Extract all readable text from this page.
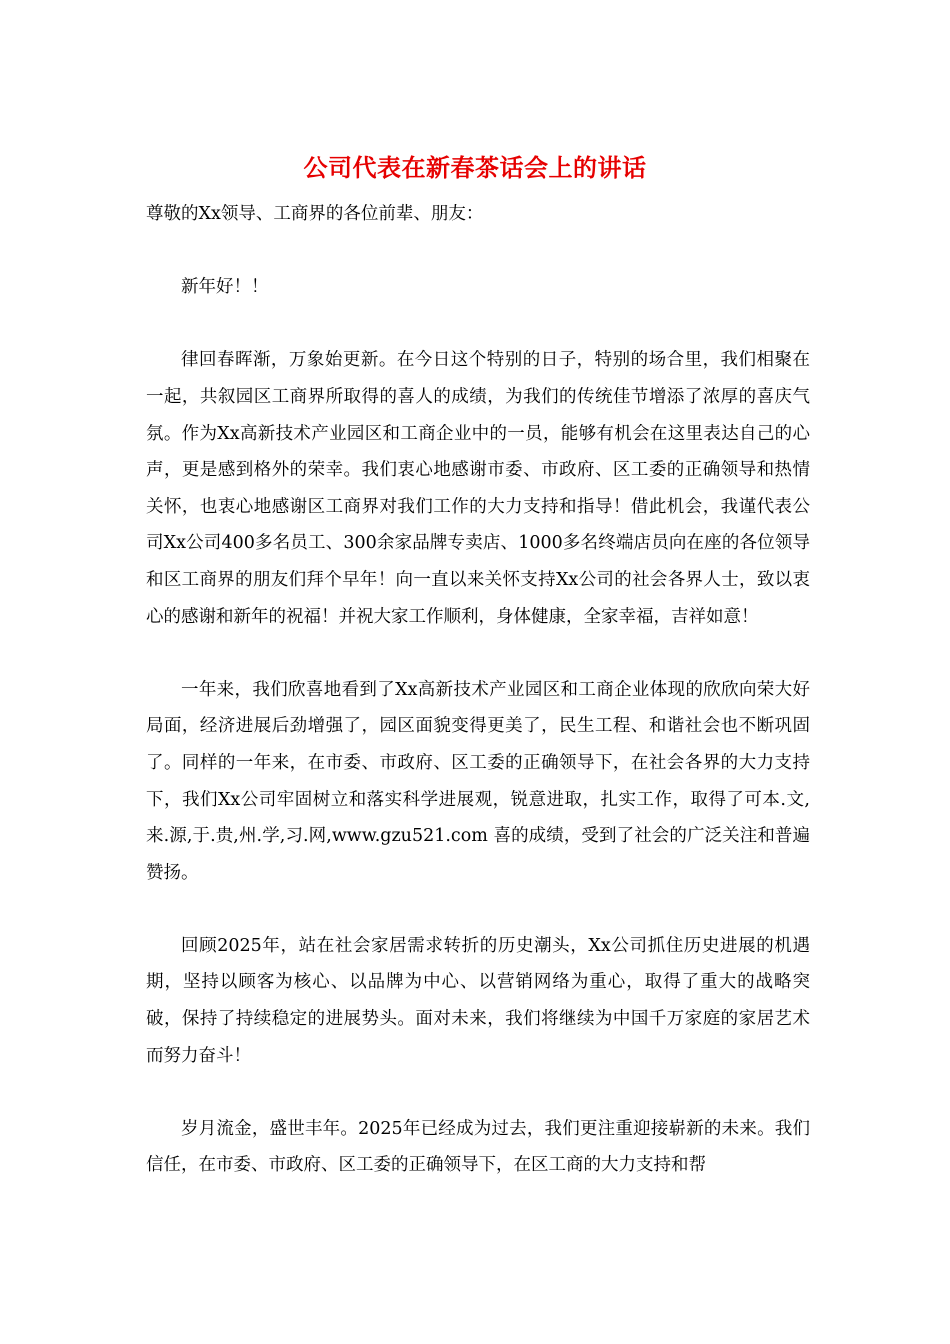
公司代表在新春茶话会上的讲话

尊敬的Xx领导、工商界的各位前辈、朋友：

新年好！！

律回春晖渐，万象始更新。在今日这个特别的日子，特别的场合里，我们相聚在一起，共叙园区工商界所取得的喜人的成绩，为我们的传统佳节增添了浓厚的喜庆气氛。作为Xx高新技术产业园区和工商企业中的一员，能够有机会在这里表达自己的心声，更是感到格外的荣幸。我们衷心地感谢市委、市政府、区工委的正确领导和热情关怀，也衷心地感谢区工商界对我们工作的大力支持和指导！借此机会，我谨代表公司Xx公司400多名员工、300余家品牌专卖店、1000多名终端店员向在座的各位领导和区工商界的朋友们拜个早年！向一直以来关怀支持Xx公司的社会各界人士，致以衷心的感谢和新年的祝福！并祝大家工作顺利，身体健康，全家幸福，吉祥如意！

一年来，我们欣喜地看到了Xx高新技术产业园区和工商企业体现的欣欣向荣大好局面，经济进展后劲增强了，园区面貌变得更美了，民生工程、和谐社会也不断巩固了。同样的一年来，在市委、市政府、区工委的正确领导下，在社会各界的大力支持下，我们Xx公司牢固树立和落实科学进展观，锐意进取，扎实工作，取得了可本.文,来.源,于.贵,州.学,习.网,www.gzu521.com 喜的成绩，受到了社会的广泛关注和普遍赞扬。

回顾2025年，站在社会家居需求转折的历史潮头，Xx公司抓住历史进展的机遇期，坚持以顾客为核心、以品牌为中心、以营销网络为重心，取得了重大的战略突破，保持了持续稳定的进展势头。面对未来，我们将继续为中国千万家庭的家居艺术而努力奋斗！

岁月流金，盛世丰年。2025年已经成为过去，我们更注重迎接崭新的未来。我们信任，在市委、市政府、区工委的正确领导下，在区工商的大力支持和帮
